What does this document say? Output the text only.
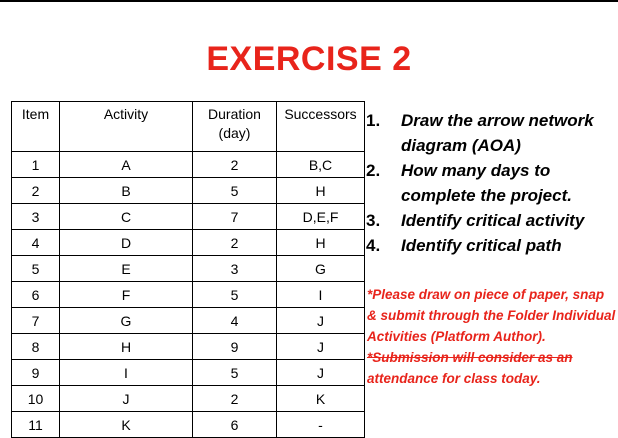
EXERCISE 2
Item	Activity	Duration (day)	Successors
1	A	2	B,C
2	B	5	H
3	C	7	D,E,F
4	D	2	H
5	E	3	G
6	F	5	I
7	G	4	J
8	H	9	J
9	I	5	J
10	J	2	K
11	K	6	-
1.	Draw the arrow network diagram (AOA)
2.	How many days to complete the project.
3.	Identify critical activity
4.	Identify critical path

*Please draw on piece of paper, snap & submit through the Folder Individual Activities (Platform Author).

*Submission will consider as an

attendance for class today.
